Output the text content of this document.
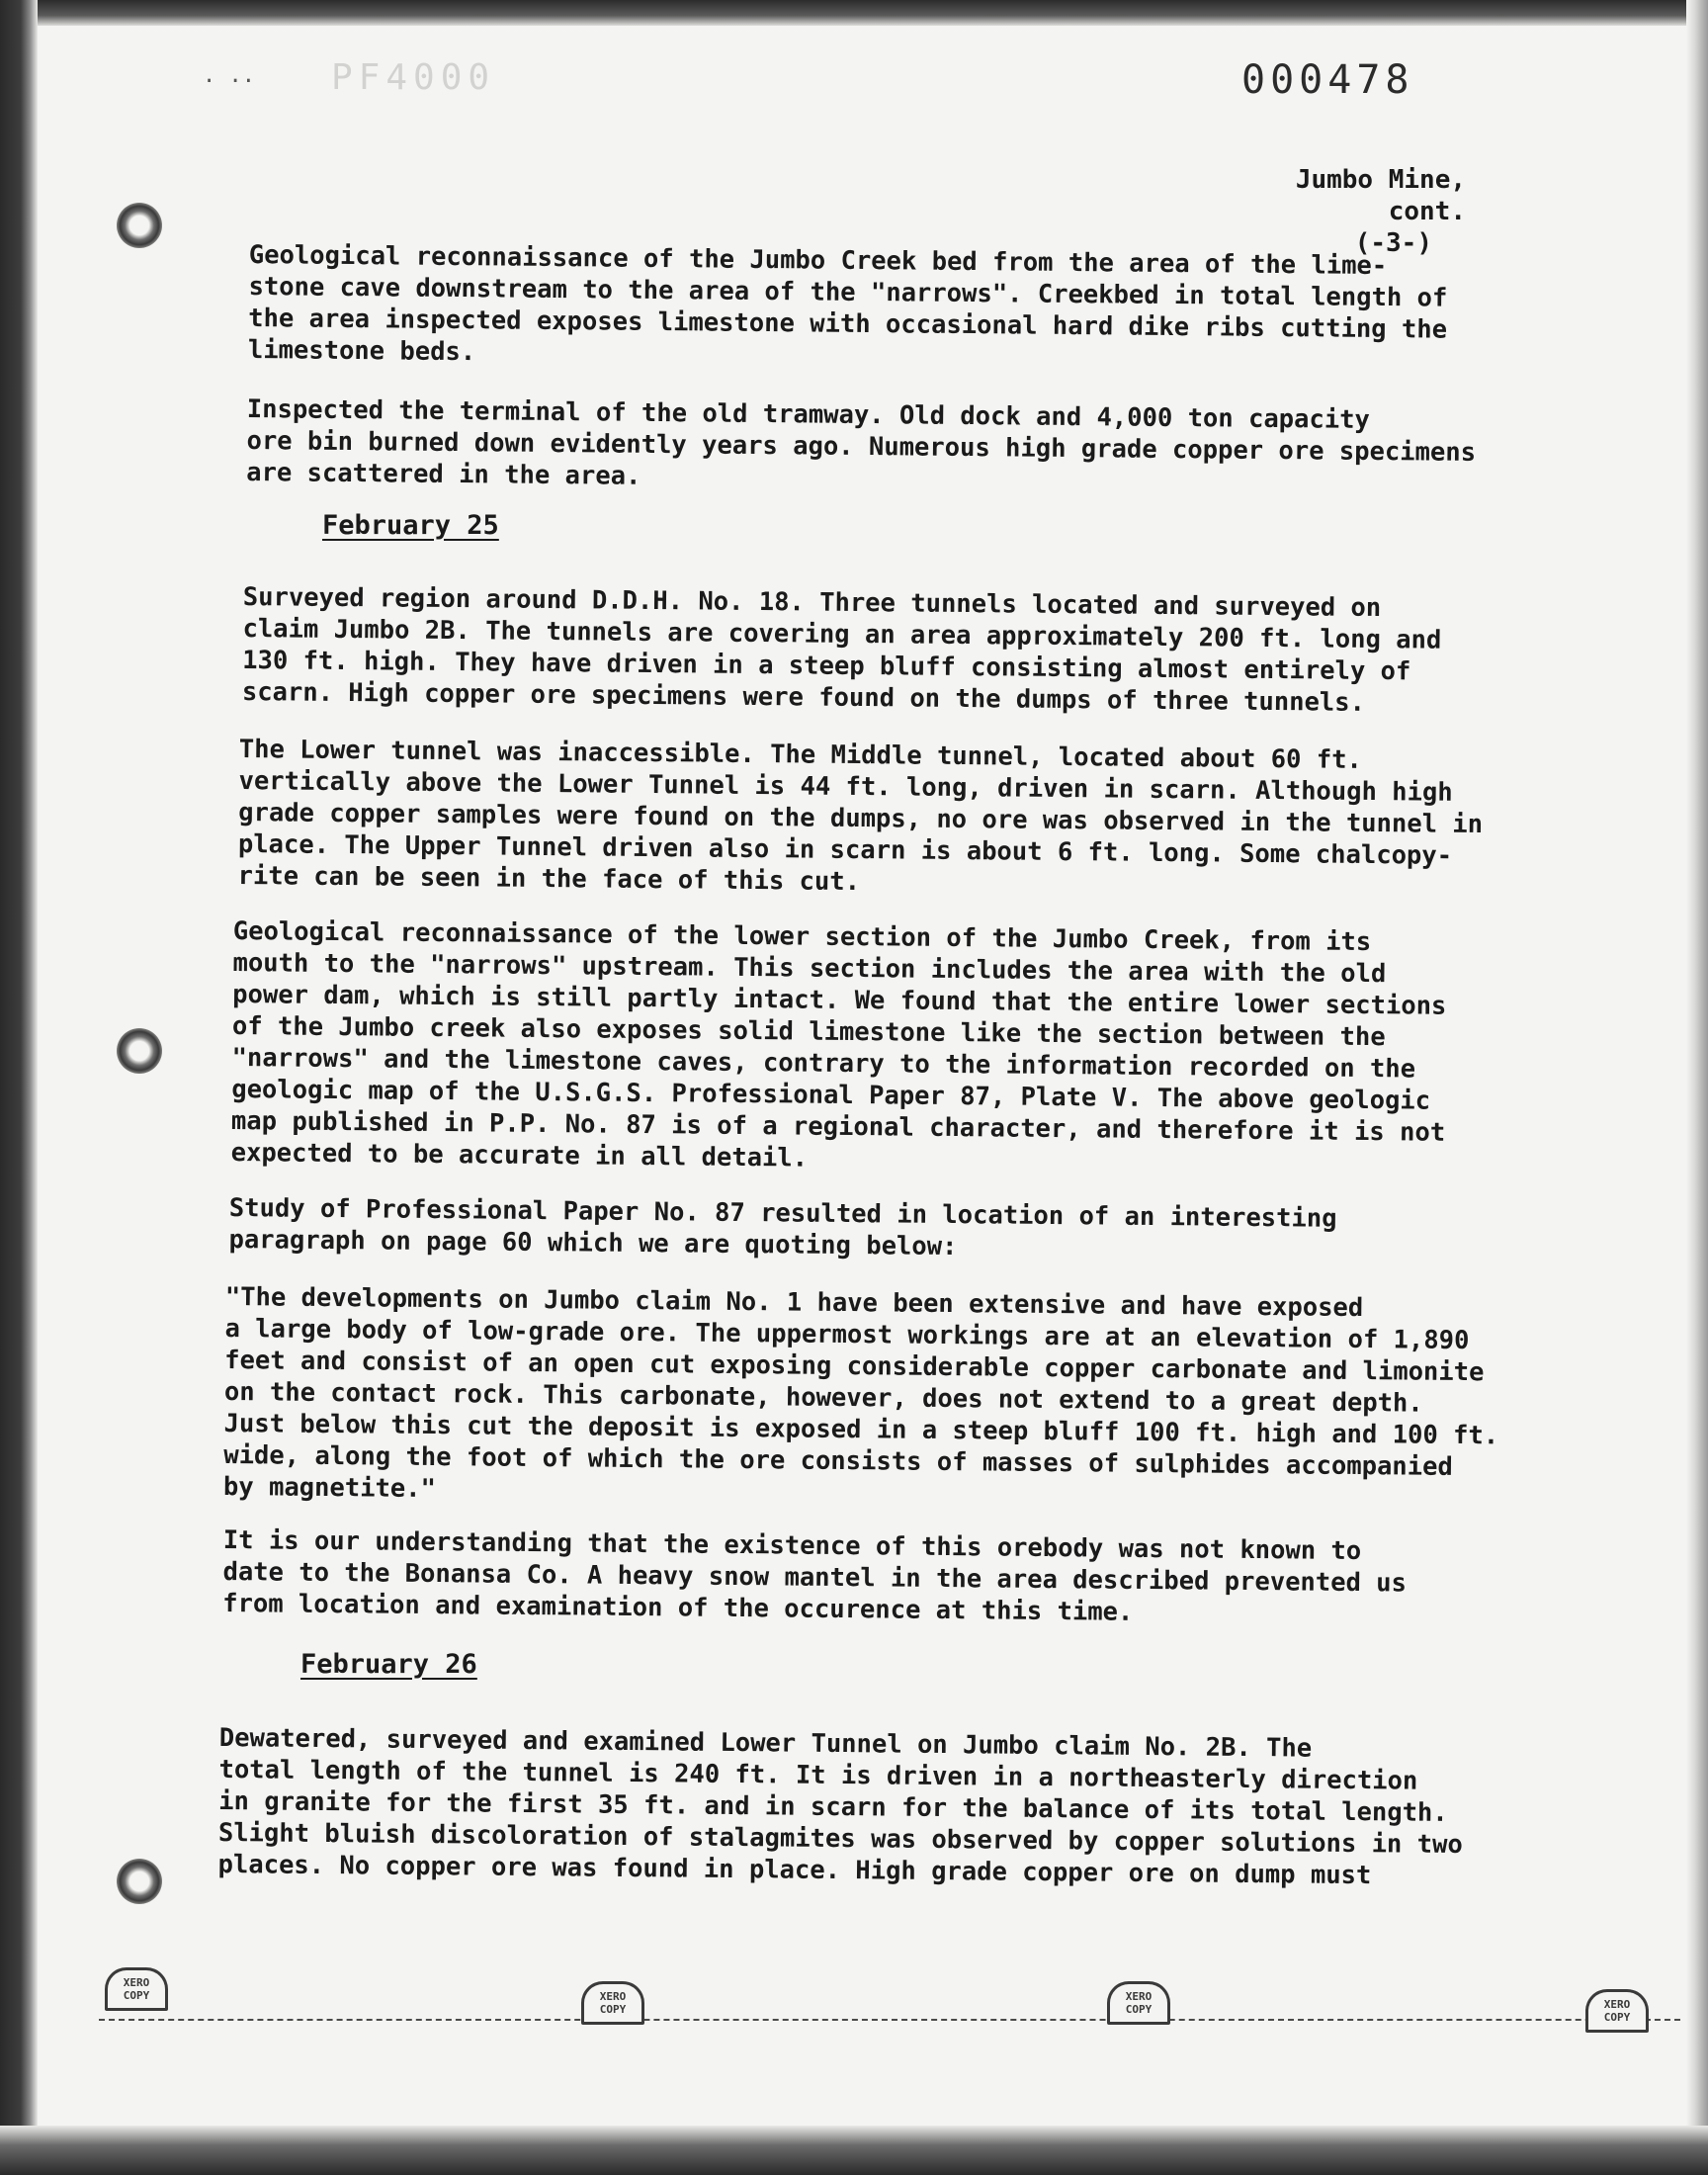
· ·· PF4000	000478
Jumbo Mine, cont.
(-3-)
Geological reconnaissance of the Jumbo Creek bed from the area of the lime-
stone cave downstream to the area of the "narrows". Creekbed in total length of
the area inspected exposes limestone with occasional hard dike ribs cutting the
limestone beds.
Inspected the terminal of the old tramway. Old dock and 4,000 ton capacity
ore bin burned down evidently years ago. Numerous high grade copper ore specimens
are scattered in the area.
February 25
Surveyed region around D.D.H. No. 18. Three tunnels located and surveyed on
claim Jumbo 2B. The tunnels are covering an area approximately 200 ft. long and
130 ft. high. They have driven in a steep bluff consisting almost entirely of
scarn. High copper ore specimens were found on the dumps of three tunnels.
The Lower tunnel was inaccessible. The Middle tunnel, located about 60 ft.
vertically above the Lower Tunnel is 44 ft. long, driven in scarn. Although high
grade copper samples were found on the dumps, no ore was observed in the tunnel in
place. The Upper Tunnel driven also in scarn is about 6 ft. long. Some chalcopy-
rite can be seen in the face of this cut.
Geological reconnaissance of the lower section of the Jumbo Creek, from its
mouth to the "narrows" upstream. This section includes the area with the old
power dam, which is still partly intact. We found that the entire lower sections
of the Jumbo creek also exposes solid limestone like the section between the
"narrows" and the limestone caves, contrary to the information recorded on the
geologic map of the U.S.G.S. Professional Paper 87, Plate V. The above geologic
map published in P.P. No. 87 is of a regional character, and therefore it is not
expected to be accurate in all detail.
Study of Professional Paper No. 87 resulted in location of an interesting
paragraph on page 60 which we are quoting below:
"The developments on Jumbo claim No. 1 have been extensive and have exposed
a large body of low-grade ore. The uppermost workings are at an elevation of 1,890
feet and consist of an open cut exposing considerable copper carbonate and limonite
on the contact rock. This carbonate, however, does not extend to a great depth.
Just below this cut the deposit is exposed in a steep bluff 100 ft. high and 100 ft.
wide, along the foot of which the ore consists of masses of sulphides accompanied
by magnetite."
It is our understanding that the existence of this orebody was not known to
date to the Bonansa Co. A heavy snow mantel in the area described prevented us
from location and examination of the occurence at this time.
February 26
Dewatered, surveyed and examined Lower Tunnel on Jumbo claim No. 2B. The
total length of the tunnel is 240 ft. It is driven in a northeasterly direction
in granite for the first 35 ft. and in scarn for the balance of its total length.
Slight bluish discoloration of stalagmites was observed by copper solutions in two
places. No copper ore was found in place. High grade copper ore on dump must
XERO
COPY	XERO
COPY
XERO
COPY	XERO
COPY
